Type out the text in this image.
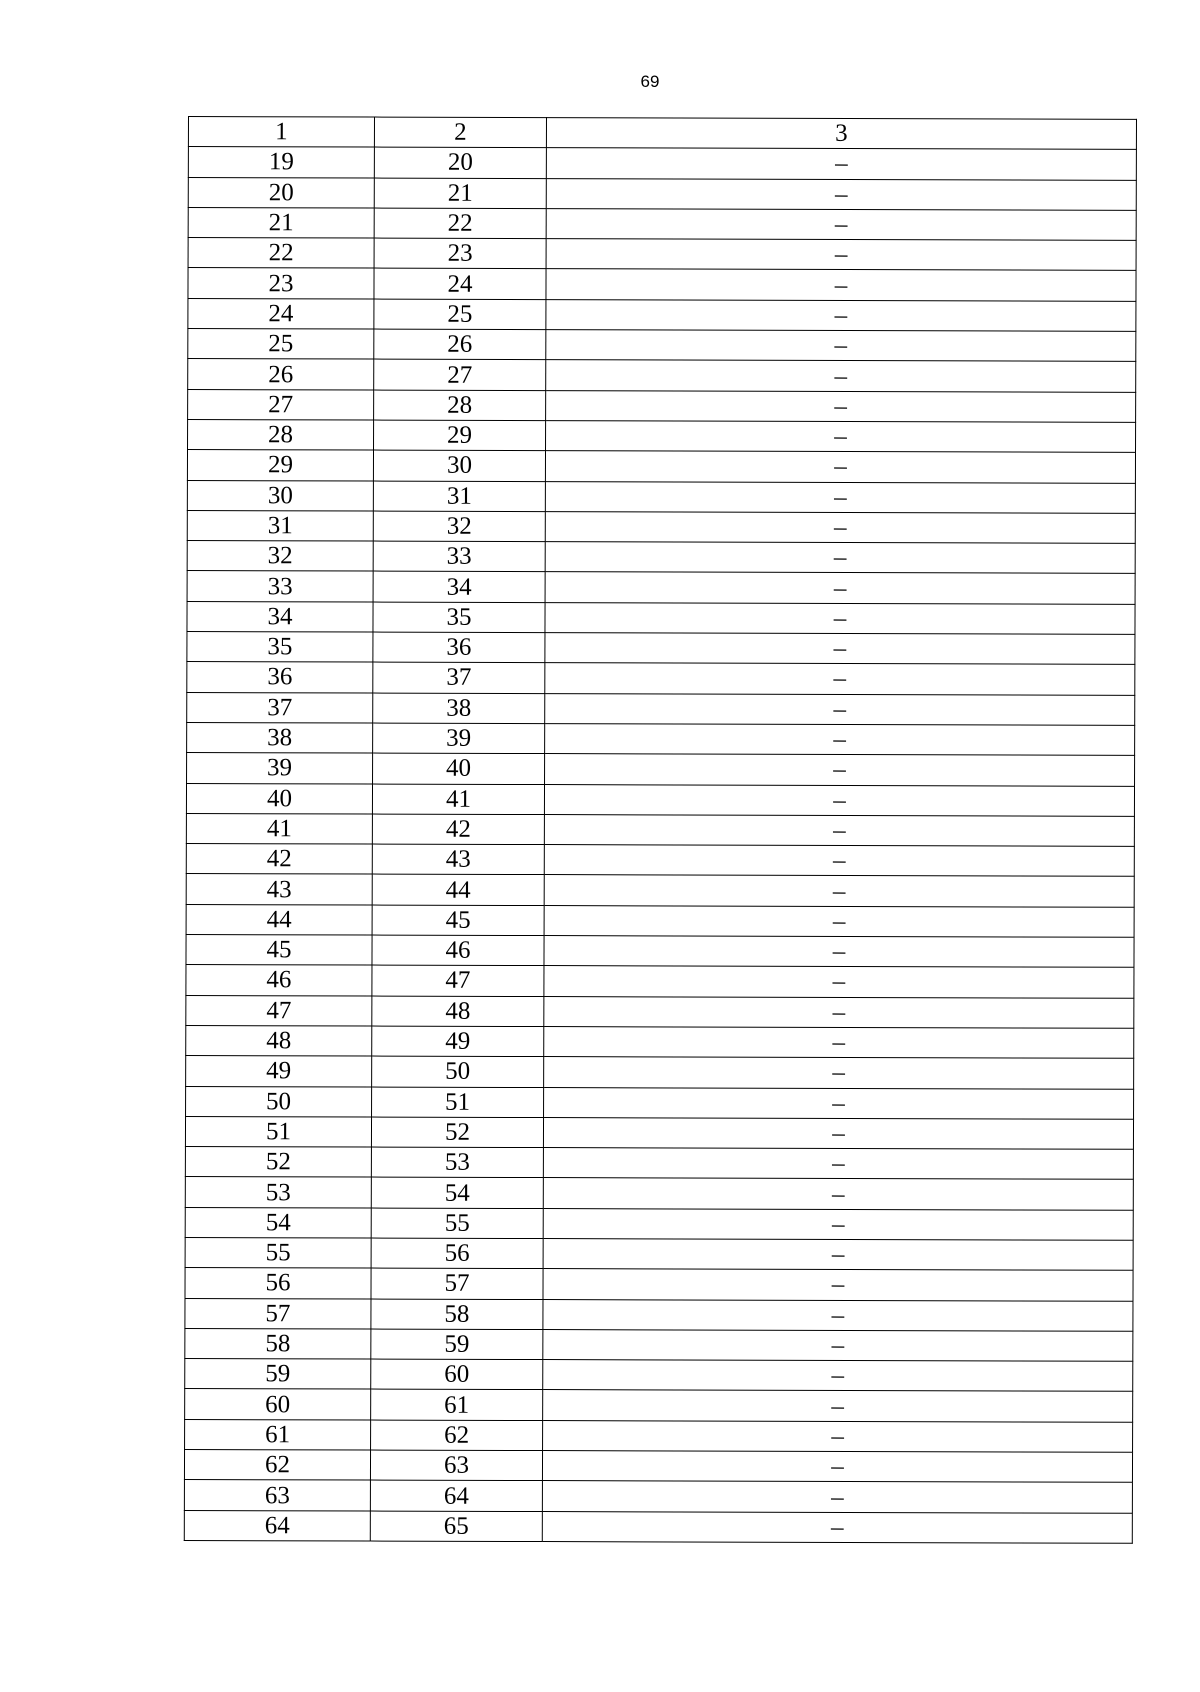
69
1	2	3
19	20	–
20	21	–
21	22	–
22	23	–
23	24	–
24	25	–
25	26	–
26	27	–
27	28	–
28	29	–
29	30	–
30	31	–
31	32	–
32	33	–
33	34	–
34	35	–
35	36	–
36	37	–
37	38	–
38	39	–
39	40	–
40	41	–
41	42	–
42	43	–
43	44	–
44	45	–
45	46	–
46	47	–
47	48	–
48	49	–
49	50	–
50	51	–
51	52	–
52	53	–
53	54	–
54	55	–
55	56	–
56	57	–
57	58	–
58	59	–
59	60	–
60	61	–
61	62	–
62	63	–
63	64	–
64	65	–
